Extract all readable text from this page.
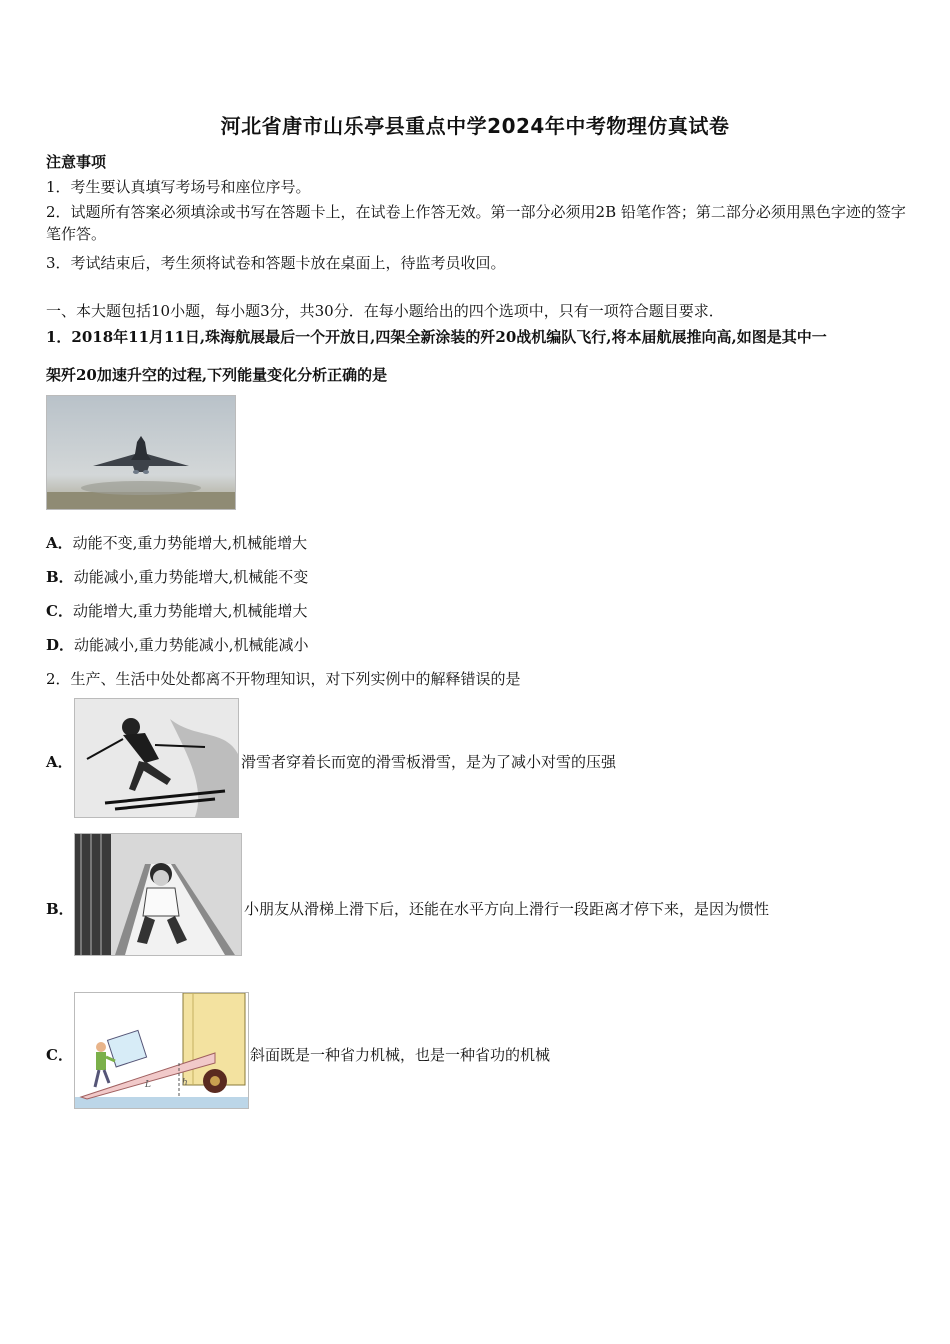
河北省唐市山乐亭县重点中学2024年中考物理仿真试卷
注意事项
1．考生要认真填写考场号和座位序号。
2．试题所有答案必须填涂或书写在答题卡上，在试卷上作答无效。第一部分必须用2B 铅笔作答；第二部分必须用黑色字迹的签字笔作答。
3．考试结束后，考生须将试卷和答题卡放在桌面上，待监考员收回。
一、本大题包括10小题，每小题3分，共30分．在每小题给出的四个选项中，只有一项符合题目要求．
1．2018年11月11日,珠海航展最后一个开放日,四架全新涂装的歼20战机编队飞行,将本届航展推向高,如图是其中一
架歼20加速升空的过程,下列能量变化分析正确的是
A．动能不变,重力势能增大,机械能增大
B．动能减小,重力势能增大,机械能不变
C．动能增大,重力势能增大,机械能增大
D．动能减小,重力势能减小,机械能减小
2．生产、生活中处处都离不开物理知识，对下列实例中的解释错误的是
A．	滑雪者穿着长而宽的滑雪板滑雪，是为了减小对雪的压强
B．	小朋友从滑梯上滑下后，还能在水平方向上滑行一段距离才停下来，是因为惯性
C．
L	h
斜面既是一种省力机械，也是一种省功的机械
